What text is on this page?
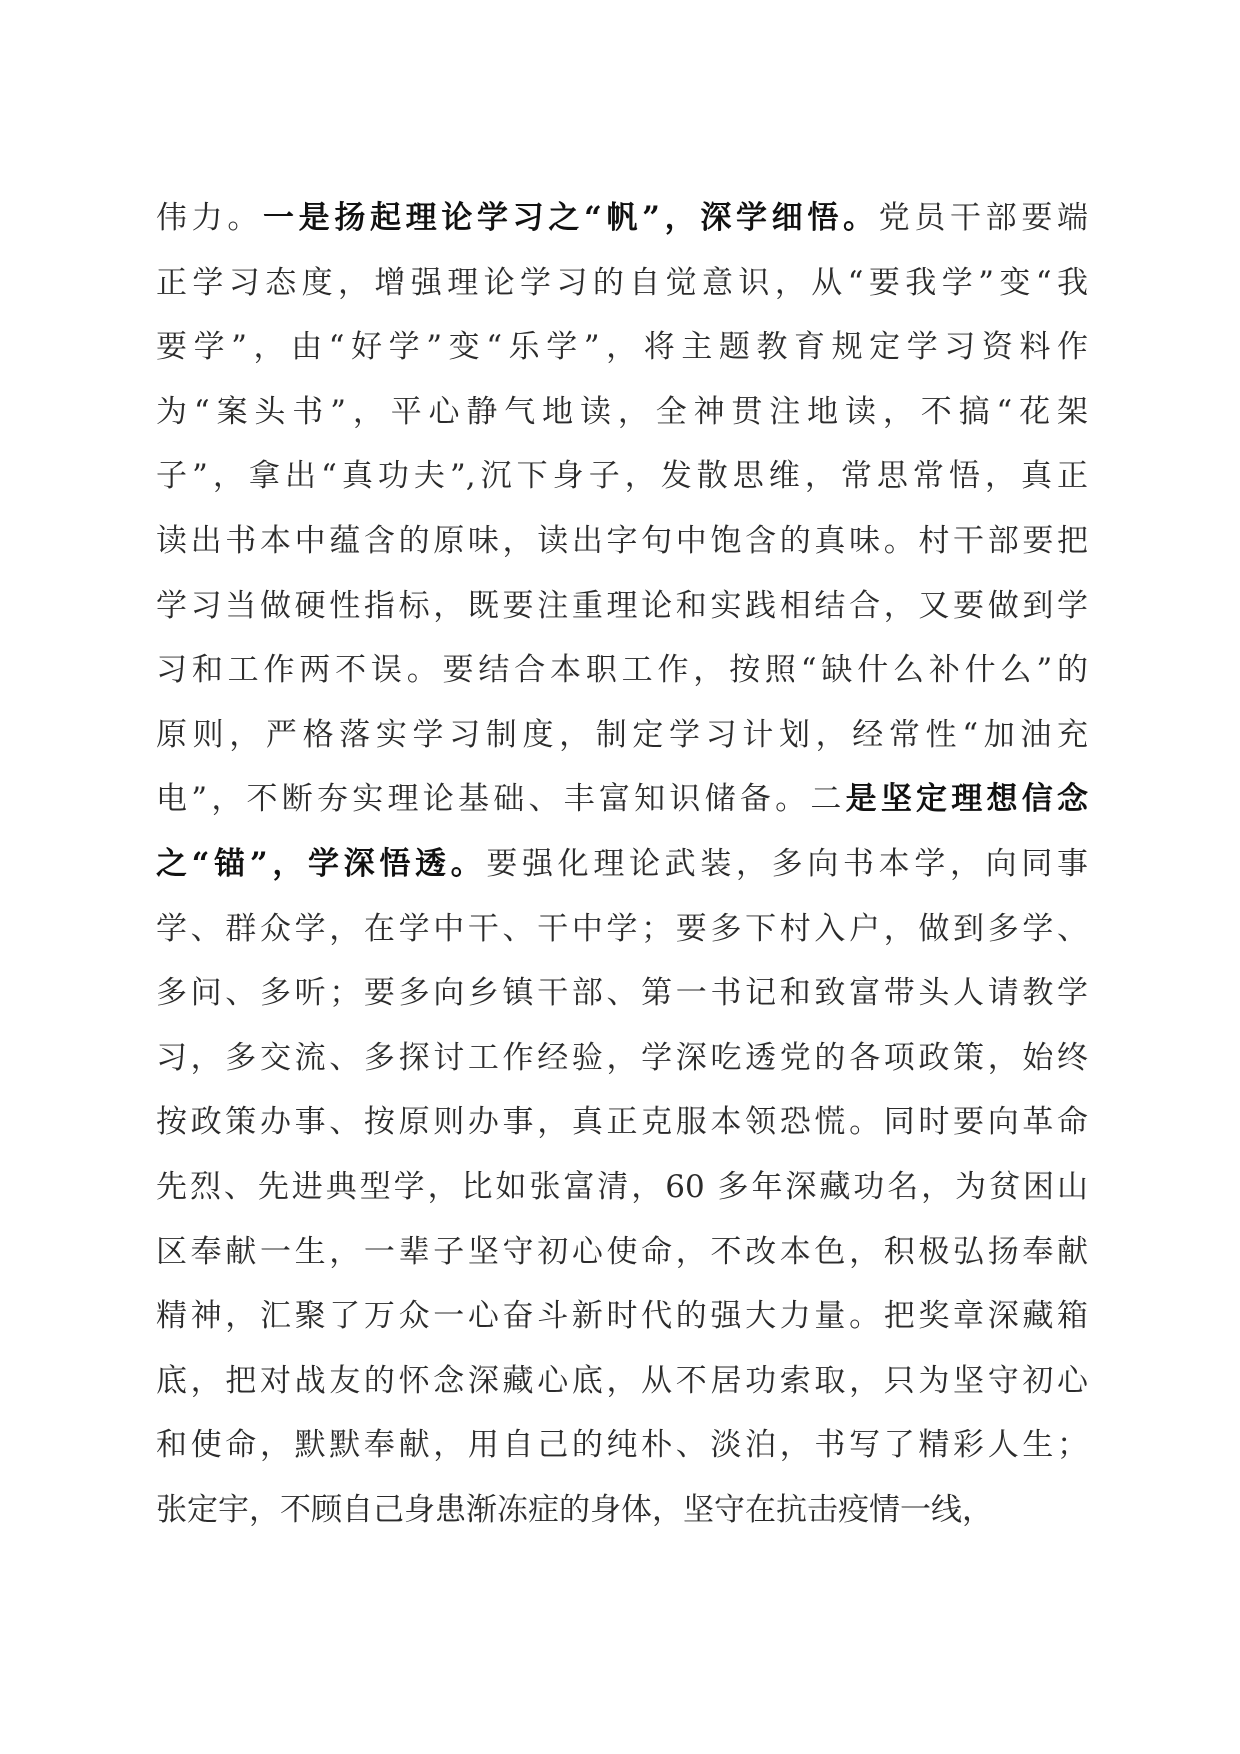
伟力。一是扬起理论学习之“帆”，深学细悟。党员干部要端
正学习态度，增强理论学习的自觉意识，从“要我学”变“我
要学”，由“好学”变“乐学”，将主题教育规定学习资料作
为“案头书”，平心静气地读，全神贯注地读，不搞“花架
子”，拿出“真功夫”,沉下身子，发散思维，常思常悟，真正
读出书本中蕴含的原味，读出字句中饱含的真味。村干部要把
学习当做硬性指标，既要注重理论和实践相结合，又要做到学
习和工作两不误。要结合本职工作，按照“缺什么补什么”的
原则，严格落实学习制度，制定学习计划，经常性“加油充
电”，不断夯实理论基础、丰富知识储备。二是坚定理想信念
之“锚”，学深悟透。要强化理论武装，多向书本学，向同事
学、群众学，在学中干、干中学；要多下村入户，做到多学、
多问、多听；要多向乡镇干部、第一书记和致富带头人请教学
习，多交流、多探讨工作经验，学深吃透党的各项政策，始终
按政策办事、按原则办事，真正克服本领恐慌。同时要向革命
先烈、先进典型学，比如张富清，60 多年深藏功名，为贫困山
区奉献一生，一辈子坚守初心使命，不改本色，积极弘扬奉献
精神，汇聚了万众一心奋斗新时代的强大力量。把奖章深藏箱
底，把对战友的怀念深藏心底，从不居功索取，只为坚守初心
和使命，默默奉献，用自己的纯朴、淡泊，书写了精彩人生；
张定宇，不顾自己身患渐冻症的身体，坚守在抗击疫情一线，
